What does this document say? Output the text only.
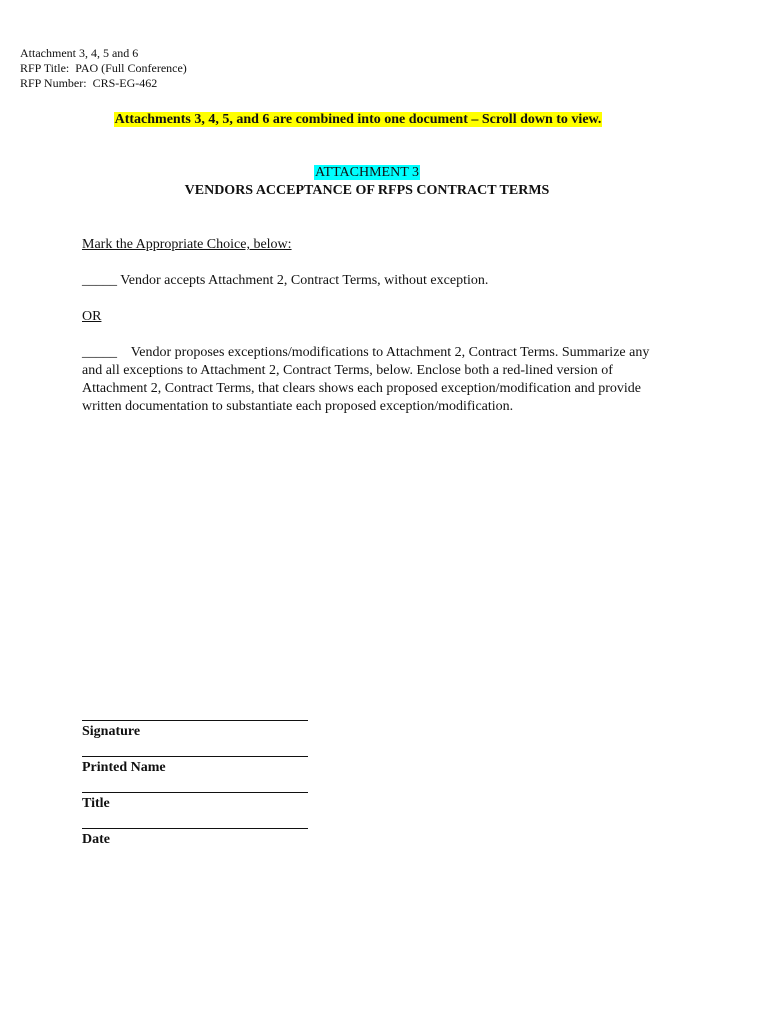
Attachment 3, 4, 5 and 6
RFP Title:  PAO (Full Conference)
RFP Number:  CRS-EG-462
Attachments 3, 4, 5, and 6 are combined into one document – Scroll down to view.
ATTACHMENT 3
VENDORS ACCEPTANCE OF RFPS CONTRACT TERMS
Mark the Appropriate Choice, below:
_____ Vendor accepts Attachment 2, Contract Terms, without exception.
OR
_____    Vendor proposes exceptions/modifications to Attachment 2, Contract Terms. Summarize any and all exceptions to Attachment 2, Contract Terms, below. Enclose both a red-lined version of Attachment 2, Contract Terms, that clears shows each proposed exception/modification and provide written documentation to substantiate each proposed exception/modification.
Signature
Printed Name
Title
Date
